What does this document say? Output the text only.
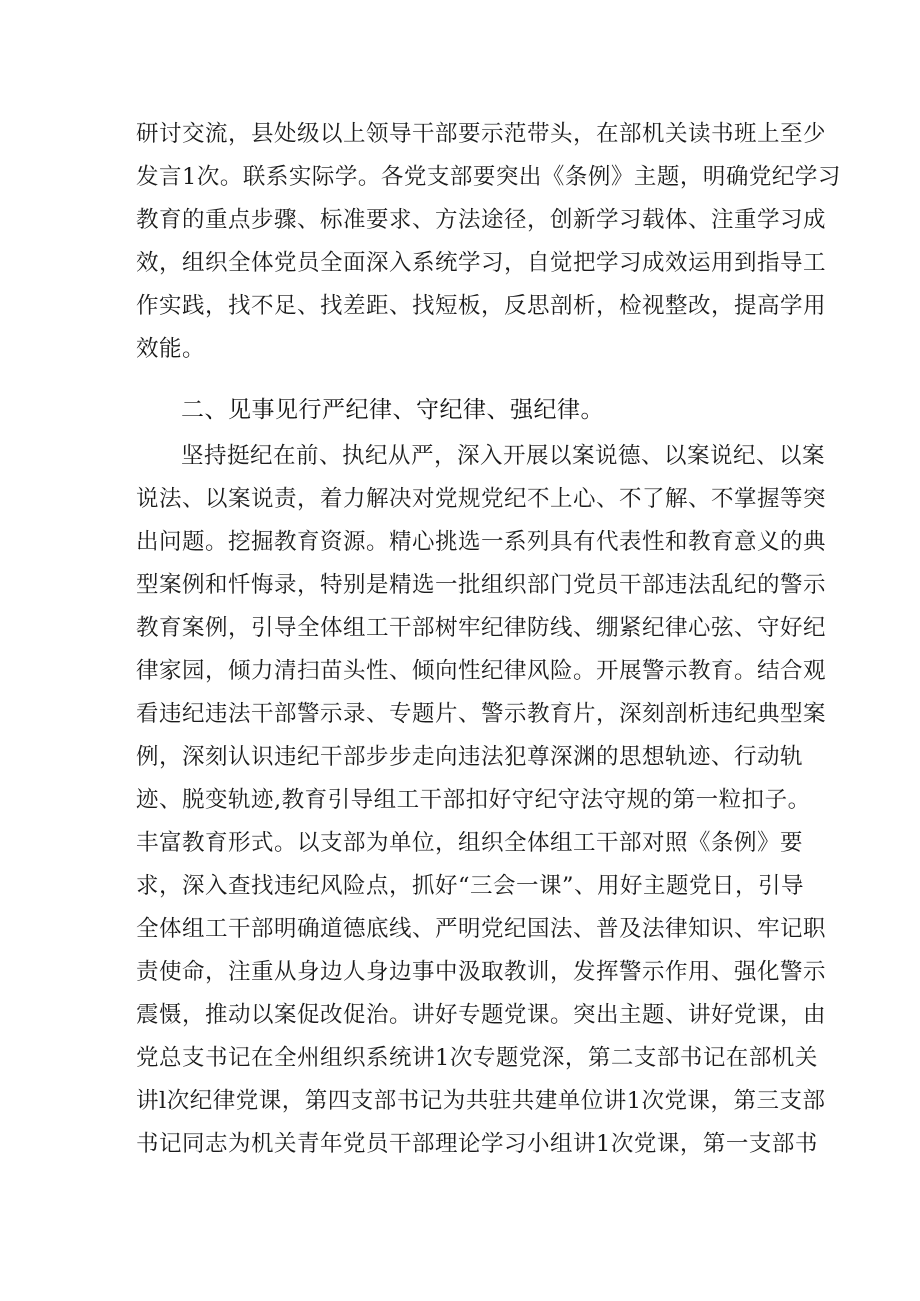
研讨交流，县处级以上领导干部要示范带头，在部机关读书班上至少
发言1次。联系实际学。各党支部要突出《条例》主题，明确党纪学习
教育的重点步骤、标准要求、方法途径，创新学习载体、注重学习成
效，组织全体党员全面深入系统学习，自觉把学习成效运用到指导工
作实践，找不足、找差距、找短板，反思剖析，检视整改，提高学用
效能。
二、见事见行严纪律、守纪律、强纪律。
坚持挺纪在前、执纪从严，深入开展以案说德、以案说纪、以案
说法、以案说责，着力解决对党规党纪不上心、不了解、不掌握等突
出问题。挖掘教育资源。精心挑选一系列具有代表性和教育意义的典
型案例和忏悔录，特别是精选一批组织部门党员干部违法乱纪的警示
教育案例，引导全体组工干部树牢纪律防线、绷紧纪律心弦、守好纪
律家园，倾力清扫苗头性、倾向性纪律风险。开展警示教育。结合观
看违纪违法干部警示录、专题片、警示教育片，深刻剖析违纪典型案
例，深刻认识违纪干部步步走向违法犯尊深渊的思想轨迹、行动轨
迹、脱变轨迹,教育引导组工干部扣好守纪守法守规的第一粒扣子。
丰富教育形式。以支部为单位，组织全体组工干部对照《条例》要
求，深入查找违纪风险点，抓好“三会一课”、用好主题党日，引导
全体组工干部明确道德底线、严明党纪国法、普及法律知识、牢记职
责使命，注重从身边人身边事中汲取教训，发挥警示作用、强化警示
震慑，推动以案促改促治。讲好专题党课。突出主题、讲好党课，由
党总支书记在全州组织系统讲1次专题党深，第二支部书记在部机关
讲l次纪律党课，第四支部书记为共驻共建单位讲1次党课，第三支部
书记同志为机关青年党员干部理论学习小组讲1次党课，第一支部书
